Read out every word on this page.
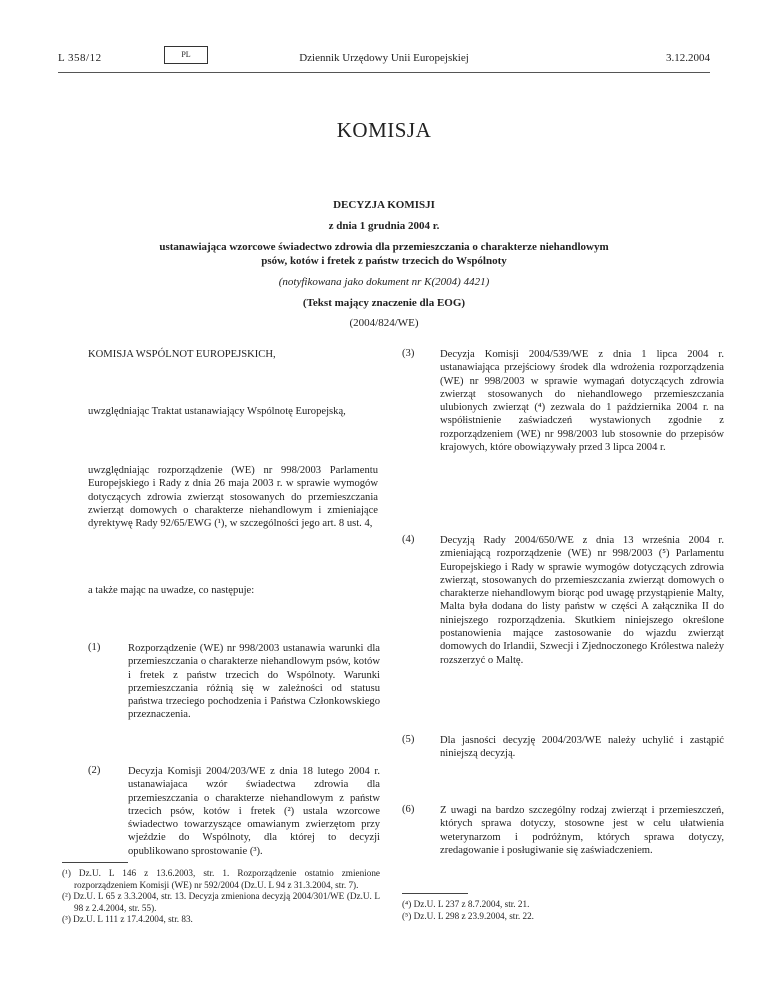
L 358/12	PL	Dziennik Urzędowy Unii Europejskiej	3.12.2004
KOMISJA
DECYZJA KOMISJI
z dnia 1 grudnia 2004 r.
ustanawiająca wzorcowe świadectwo zdrowia dla przemieszczania o charakterze niehandlowym
psów, kotów i fretek z państw trzecich do Wspólnoty
(notyfikowana jako dokument nr K(2004) 4421)
(Tekst mający znaczenie dla EOG)
(2004/824/WE)
KOMISJA WSPÓLNOT EUROPEJSKICH,
uwzględniając Traktat ustanawiający Wspólnotę Europejską,
uwzględniając rozporządzenie (WE) nr 998/2003 Parlamentu Europejskiego i Rady z dnia 26 maja 2003 r. w sprawie wymogów dotyczących zdrowia zwierząt stosowanych do przemieszczania zwierząt domowych o charakterze niehandlowym i zmieniające dyrektywę Rady 92/65/EWG (¹), w szczególności jego art. 8 ust. 4,
a także mając na uwadze, co następuje:
(1)	Rozporządzenie (WE) nr 998/2003 ustanawia warunki dla przemieszczania o charakterze niehandlowym psów, kotów i fretek z państw trzecich do Wspólnoty. Warunki przemieszczania różnią się w zależności od statusu państwa trzeciego pochodzenia i Państwa Członkowskiego przeznaczenia.
(2)	Decyzja Komisji 2004/203/WE z dnia 18 lutego 2004 r. ustanawiajaca wzór świadectwa zdrowia dla przemieszczania o charakterze niehandlowym z państw trzecich psów, kotów i fretek (²) ustala wzorcowe świadectwo towarzyszące omawianym zwierzętom przy wjeździe do Wspólnoty, dla której to decyzji opublikowano sprostowanie (³).
(¹) Dz.U. L 146 z 13.6.2003, str. 1. Rozporządzenie ostatnio zmienione rozporządzeniem Komisji (WE) nr 592/2004 (Dz.U. L 94 z 31.3.2004, str. 7).
(²) Dz.U. L 65 z 3.3.2004, str. 13. Decyzja zmieniona decyzją 2004/301/WE (Dz.U. L 98 z 2.4.2004, str. 55).
(³) Dz.U. L 111 z 17.4.2004, str. 83.
(3) Decyzja Komisji 2004/539/WE z dnia 1 lipca 2004 r. ustanawiająca przejściowy środek dla wdrożenia rozporządzenia (WE) nr 998/2003 w sprawie wymagań dotyczących zdrowia zwierząt stosowanych do niehandlowego przemieszczania ulubionych zwierząt (⁴) zezwala do 1 października 2004 r. na współistnienie zaświadczeń wystawionych zgodnie z rozporządzeniem (WE) nr 998/2003 lub stosownie do przepisów krajowych, które obowiązywały przed 3 lipca 2004 r.
(4) Decyzją Rady 2004/650/WE z dnia 13 września 2004 r. zmieniającą rozporządzenie (WE) nr 998/2003 (⁵) Parlamentu Europejskiego i Rady w sprawie wymogów dotyczących zdrowia zwierząt, stosowanych do przemieszczania zwierząt domowych o charakterze niehandlowym biorąc pod uwagę przystąpienie Malty, Malta była dodana do listy państw w części A załącznika II do niniejszego rozporządzenia. Skutkiem niniejszego określone postanowienia mające zastosowanie do wjazdu zwierząt domowych do Irlandii, Szwecji i Zjednoczonego Królestwa należy rozszerzyć o Maltę.
(5) Dla jasności decyzję 2004/203/WE należy uchylić i zastąpić niniejszą decyzją.
(6) Z uwagi na bardzo szczególny rodzaj zwierząt i przemieszczeń, których sprawa dotyczy, stosowne jest w celu ułatwienia weterynarzom i podróżnym, których sprawa dotyczy, zredagowanie i posługiwanie się zaświadczeniem.
(⁴) Dz.U. L 237 z 8.7.2004, str. 21.
(⁵) Dz.U. L 298 z 23.9.2004, str. 22.
